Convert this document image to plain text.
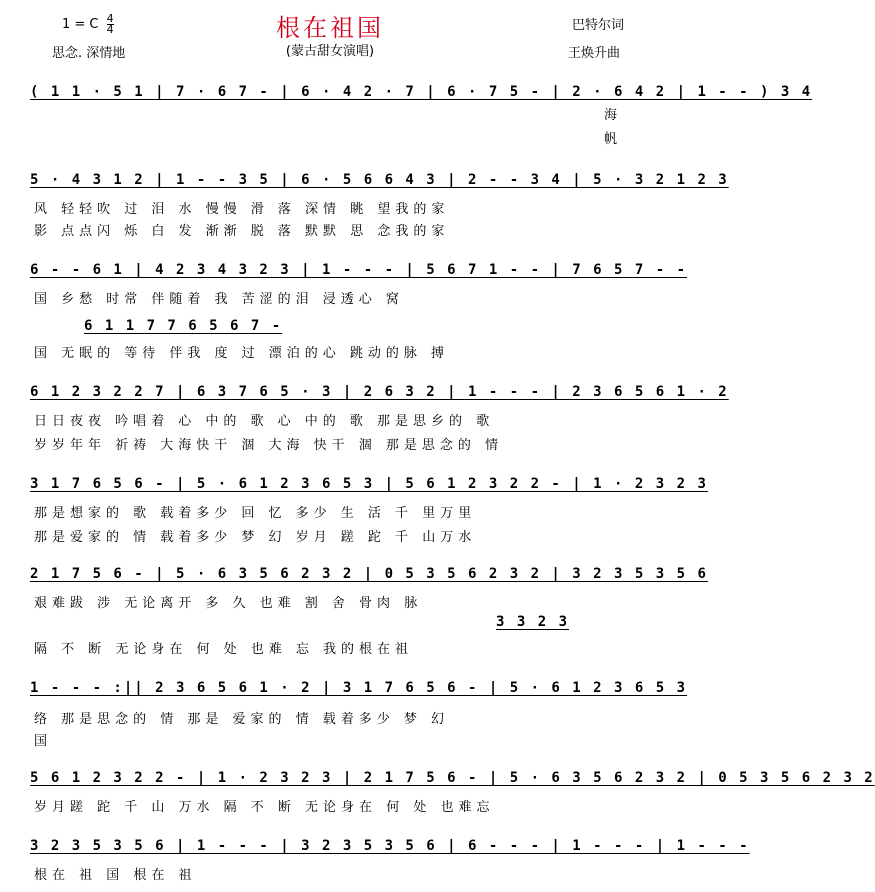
1 = C $\frac{4}{4}$	根在祖国
思念. 深情地	(蒙古甜女演唱)
巴特尔词
王焕升曲
( 1 1 · 5 1 | 7 · 6 7 - | 6 · 4 2 · 7 | 6 · 7 5 - | 2 · 6 4 2 | 1 - - ) 3 4
海
帆
5 · 4 3 1 2 | 1 - - 3 5 | 6 · 5 6 6 4 3 | 2 - - 3 4 | 5 · 3 2 1 2 3
风 轻轻吹 过 泪 水 慢慢 滑 落 深情 眺 望我的家
影 点点闪 烁 白 发 渐渐 脱 落 默默 思 念我的家
6 - - 6 1 | 4 2 3 4 3 2 3 | 1 - - - | 5 6 7 1 - - | 7 6 5 7 - -
国 乡愁 时常 伴随着 我 苦涩的泪 浸透心 窝
6 1 1 7 7 6 5 6 7 -
国 无眠的 等待 伴我 度 过 漂泊的心 跳动的脉 搏
6 1 2 3 2 2 7 | 6 3 7 6 5 · 3 | 2 6 3 2 | 1 - - - | 2 3 6 5 6 1 · 2
日日夜夜 吟唱着 心 中的 歌 心 中的 歌 那是思乡的 歌
岁岁年年 祈祷 大海快干 涸 大海 快干 涸 那是思念的 情
3 1 7 6 5 6 - | 5 · 6 1 2 3 6 5 3 | 5 6 1 2 3 2 2 - | 1 · 2 3 2 3
那是想家的 歌 载着多少 回 忆 多少 生 活 千 里万里
那是爱家的 情 载着多少 梦 幻 岁月 蹉 跎 千 山万水
2 1 7 5 6 - | 5 · 6 3 5 6 2 3 2 | 0 5 3 5 6 2 3 2 | 3 2 3 5 3 5 6
艰难跋 涉 无论离开 多 久 也难 割 舍 骨肉 脉
3 3 2 3
隔 不 断 无论身在 何 处 也难 忘 我的根在祖
1 - - - :|| 2 3 6 5 6 1 · 2 | 3 1 7 6 5 6 - | 5 · 6 1 2 3 6 5 3
络 那是思念的 情 那是 爱家的 情 载着多少 梦 幻
国
5 6 1 2 3 2 2 - | 1 · 2 3 2 3 | 2 1 7 5 6 - | 5 · 6 3 5 6 2 3 2 | 0 5 3 5 6 2 3 2
岁月蹉 跎 千 山 万水 隔 不 断 无论身在 何 处 也难忘
3 2 3 5 3 5 6 | 1 - - - | 3 2 3 5 3 5 6 | 6 - - - | 1 - - - | 1 - - -
根在 祖 国 根在 祖
